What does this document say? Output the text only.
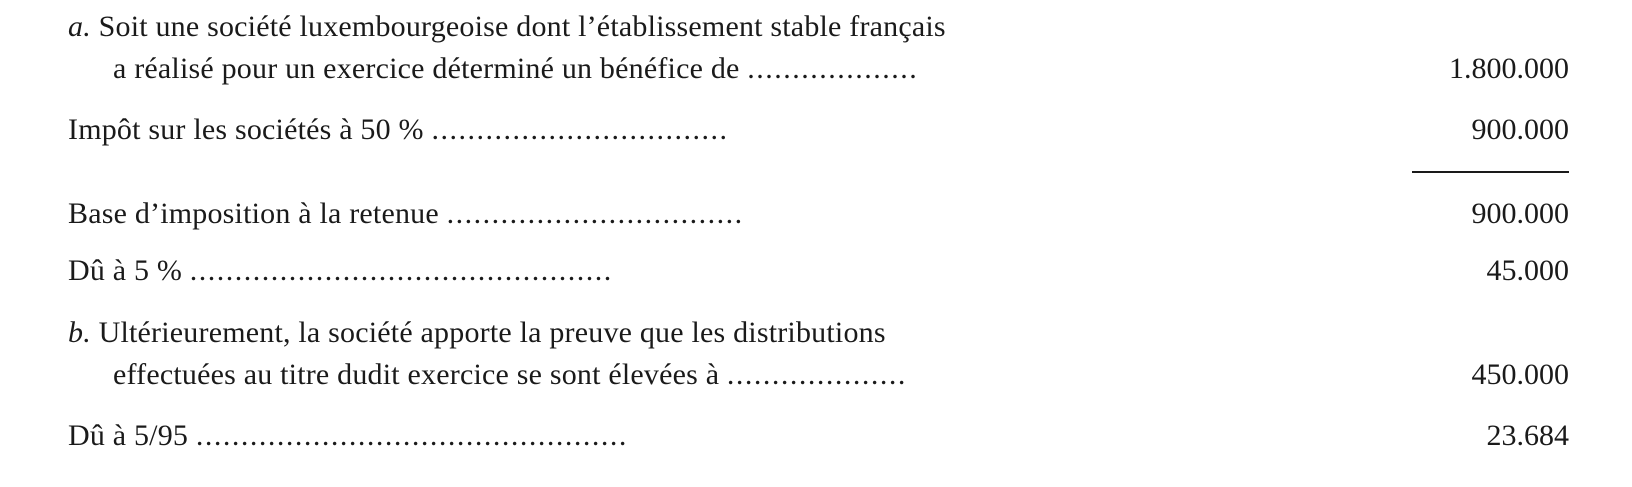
a. Soit une société luxembourgeoise dont l’établissement stable français
a réalisé pour un exercice déterminé un bénéfice de ...................	1.800.000
Impôt sur les sociétés à 50 % .................................	900.000
Base d’imposition à la retenue .................................	900.000
Dû à 5 % ...............................................	45.000
b. Ultérieurement, la société apporte la preuve que les distributions
effectuées au titre dudit exercice se sont élevées à ....................	450.000
Dû à 5/95 ................................................	23.684
